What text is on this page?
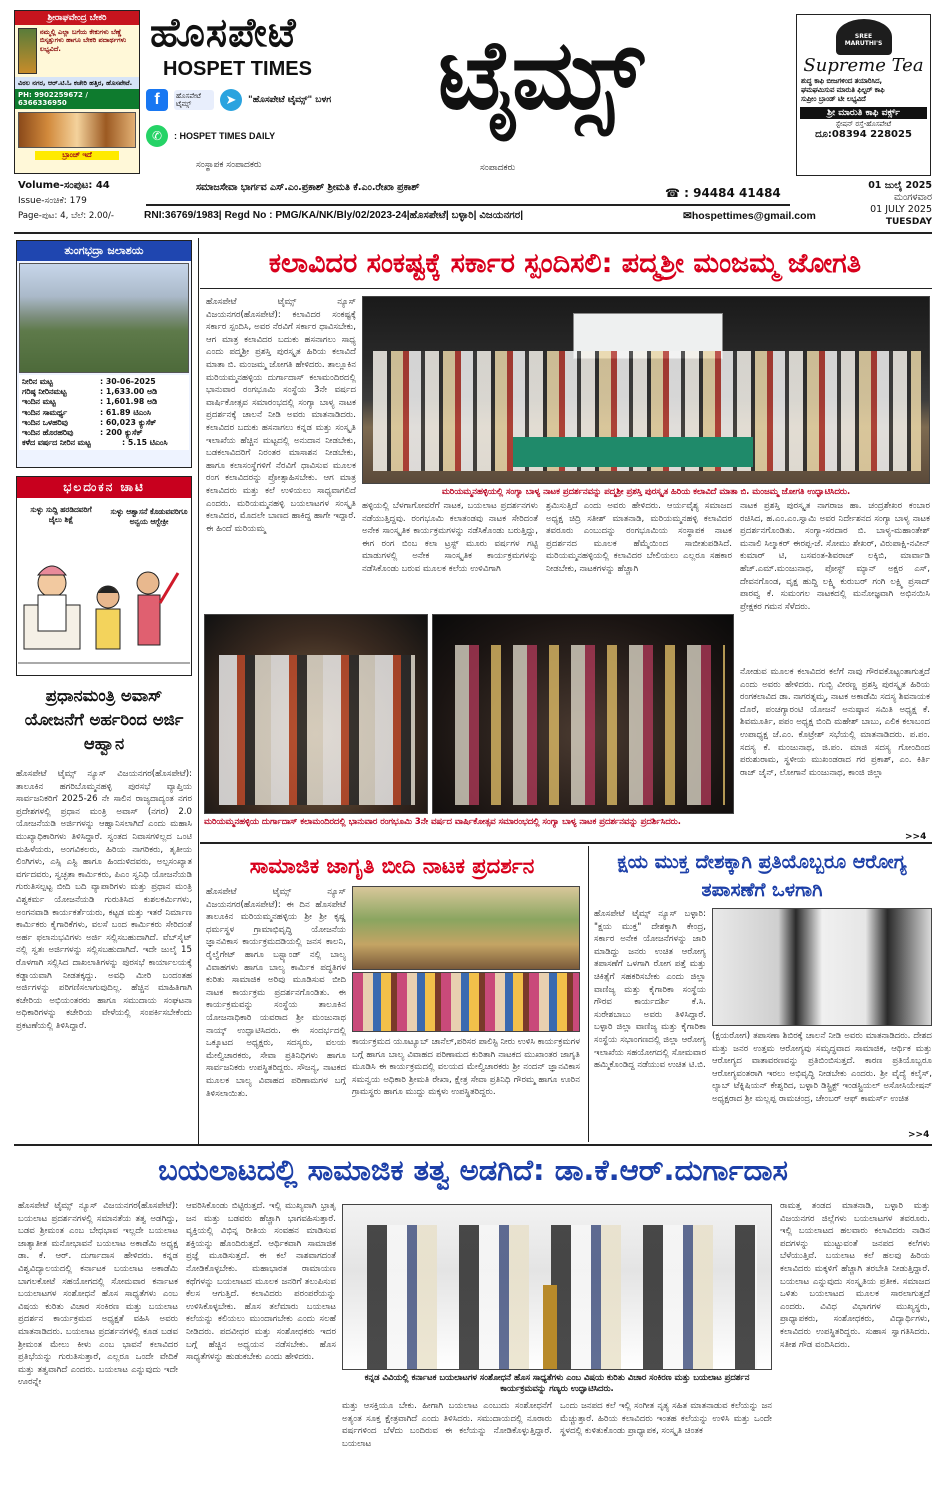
ಶ್ರೀರಾಘವೇಂದ್ರ ಬೇಕರಿ
ನಮ್ಮಲ್ಲಿ ಎಲ್ಲಾ ಬಗೆಯ ಕೇಕುಗಳು ಬೆಣ್ಣೆ ಬಿಸ್ಕತ್ತುಗಳು ಹಾಗೂ ಬೇಕರಿ ಪದಾರ್ಥಗಳು ಲಭ್ಯವಿದೆ.
ವಿಠಲ ನಗರ, ಆರ್.ಟಿ.ಓ ಕಚೇರಿ ಹತ್ತಿರ, ಹೊಸಪೇಟೆ.
PH: 9902259672 / 6366336950
ಬ್ರಾಂಚ್ ಇದೆ
ಹೊಸಪೇಟೆ
HOSPET TIMES ಟೈಮ್ಸ್
f	ಹೊಸಪೇಟೆ ಟೈಮ್ಸ್	➤	"ಹೊಸಪೇಟೆ ಟೈಮ್ಸ್" ಬಳಗ
✆	: HOSPET TIMES DAILY
ಸಂಸ್ಥಾಪಕ ಸಂಪಾದಕರು	ಸಂಪಾದಕರು
SREE MARUTHI'S
Supreme Tea
ಶುದ್ಧ ಕಾಫಿ ಬೀಜಗಳಿಂದ ತಯಾರಿಸಿದ,
ಘಮಘಮಿಸುವ ಮಾರುತಿ ಫಿಲ್ಟರ್ ಕಾಫಿ
ಸುಪ್ರೀಂ ಬ್ರಾಂಡ್ ಟೀ ಲಭ್ಯವಿದೆ
ಶ್ರೀ ಮಾರುತಿ ಕಾಫಿ ವರ್ಕ್ಸ್
ಸ್ಟೇಷನ್ ರಸ್ತೆ-ಹೊಸಪೇಟೆ
ದೂ:08394 228025
Volume-ಸಂಪುಟ: 44
Issue-ಸಂಚಿಕೆ: 179
Page-ಪುಟ: 4, ಬೆಲೆ: 2.00/-
ಸಮಾಜಸೇವಾ ಭಾರ್ಗವ ಎಸ್.ಎಂ.ಪ್ರಕಾಶ್ ಶ್ರೀಮತಿ ಕೆ.ಎಂ.ರೇಖಾ ಪ್ರಕಾಶ್	☎ : 94484 41484
RNI:36769/1983| Regd No : PMG/KA/NK/Bly/02/2023-24|ಹೊಸಪೇಟೆ| ಬಳ್ಳಾರಿ| ವಿಜಯನಗರ|	✉hospettimes@gmail.com
01 ಜುಲೈ 2025
ಮಂಗಳವಾರ
01 JULY 2025
TUESDAY
ತುಂಗಭದ್ರಾ ಜಲಾಶಯ
ನೀರಿನ ಮಟ್ಟ	: 30-06-2025
ಗರಿಷ್ಠ ನೀರಿನಮಟ್ಟ	: 1,633.00 ಅಡಿ
ಇಂದಿನ ಮಟ್ಟ	: 1,601.98 ಅಡಿ
ಇಂದಿನ ಸಾಮರ್ಥ್ಯ	: 61.89 ಟಿಎಂಸಿ
ಇಂದಿನ ಒಳಹರಿವು	: 60,023 ಕ್ಯುಸೆಕ್
ಇಂದಿನ ಹೊರಹರಿವು	: 200 ಕ್ಯುಸೆಕ್
ಕಳೆದ ವರ್ಷದ ನೀರಿನ ಮಟ್ಟ	: 5.15 ಟಿಎಂಸಿ
ಭಲದಂಕನ ಚಾಟಿ
ಸುಳ್ಳು ಸುದ್ದಿ ಹರಡಿದವರಿಗೆ ಜೈಲು ಶಿಕ್ಷೆ
ಸುಳ್ಳು ಆಶ್ವಾಸನೆ ಕೊಡುವವರಿಗೂ ಅನ್ವಯ ಆಗ್ಬೇಕ್ರೀ
ಪ್ರಧಾನಮಂತ್ರಿ ಅವಾಸ್ ಯೋಜನೆಗೆ ಅರ್ಹರಿಂದ ಅರ್ಜಿ ಆಹ್ವಾನ
ಹೊಸಪೇಟೆ ಟೈಮ್ಸ್ ನ್ಯೂಸ್ ವಿಜಯನಗರ(ಹೊಸಪೇಟೆ): ತಾಲೂಕಿನ ಹಗರಿಬೊಮ್ಮನಹಳ್ಳಿ ಪುರಸಭೆ ವ್ಯಾಪ್ತಿಯ ಸಾರ್ವಜನಿಕರಿಗೆ 2025-26 ನೇ ಸಾಲಿನ ರಾಜ್ಯದಾದ್ಯಂತ ನಗರ ಪ್ರದೇಶಗಳಲ್ಲಿ ಪ್ರಧಾನ ಮಂತ್ರಿ ಅವಾಸ್ (ನಗರ) 2.0 ಯೋಜನೆಯಡಿ ಅರ್ಜಿಗಳನ್ನು ಆಹ್ವಾನಿಸಲಾಗಿದೆ ಎಂದು ಮಹಾಸಿ ಮುಖ್ಯಾಧಿಕಾರಿಗಳು ತಿಳಿಸಿದ್ದಾರೆ. ಸ್ವಂತದ ನಿವಾಸಗಳಿಲ್ಲದ ಒಂಟಿ ಮಹಿಳೆಯರು, ಅಂಗವಿಕಲರು, ಹಿರಿಯ ನಾಗರಿಕರು, ತೃತೀಯ ಲಿಂಗಿಗಳು, ಎಸ್ಸಿ ಎಸ್ಟಿ ಹಾಗೂ ಹಿಂದುಳಿದವರು, ಅಲ್ಪಸಂಖ್ಯಾತ ವರ್ಗದವರು, ಸ್ವಚ್ಛತಾ ಕಾರ್ಮಿಕರು, ಪಿಎಂ ಸ್ವನಿಧಿ ಯೋಜನೆಯಡಿ ಗುರುತಿಸಲ್ಪಟ್ಟ ಬೀದಿ ಬದಿ ವ್ಯಾಪಾರಿಗಳು ಮತ್ತು ಪ್ರಧಾನ ಮಂತ್ರಿ ವಿಶ್ವಕರ್ಮ ಯೋಜನೆಯಡಿ ಗುರುತಿಸಿದ ಕುಶಲಕರ್ಮಿಗಳು, ಅಂಗನವಾಡಿ ಕಾರ್ಯಕರ್ತೆಯರು, ಕಟ್ಟಡ ಮತ್ತು ಇತರೆ ನಿರ್ಮಾಣ ಕಾರ್ಮಿಕರು ಕೈಗಾರಿಕೆಗಳು, ವಲಸೆ ಬಂದ ಕಾರ್ಮಿಕರು ಸೇರಿದಂತೆ ಅರ್ಹ ಫಲಾನುಭವಿಗಳು ಅರ್ಜಿ ಸಲ್ಲಿಸಬಹುದಾಗಿದೆ. ವೆಬ್‌ಸೈಟ್ ನಲ್ಲಿ ಸ್ವತಃ ಅರ್ಜಿಗಳನ್ನು ಸಲ್ಲಿಸಬಹುದಾಗಿದೆ. ಇದೇ ಜುಲೈ 15 ರೊಳಗಾಗಿ ಸಲ್ಲಿಸಿದ ದಾಖಲಾತಿಗಳನ್ನು ಪುರಸಭೆ ಕಾರ್ಯಾಲಯಕ್ಕೆ ಕಡ್ಡಾಯವಾಗಿ ನೀಡತಕ್ಕದ್ದು. ಅವಧಿ ಮೀರಿ ಬಂದಂತಹ ಅರ್ಜಿಗಳನ್ನು ಪರಿಗಣಿಸಲಾಗುವುದಿಲ್ಲ. ಹೆಚ್ಚಿನ ಮಾಹಿತಿಗಾಗಿ ಕಚೇರಿಯ ಅಭಿಯಂತರರು ಹಾಗೂ ಸಮುದಾಯ ಸಂಘಟನಾ ಅಧಿಕಾರಿಗಳನ್ನು ಕಚೇರಿಯ ವೇಳೆಯಲ್ಲಿ ಸಂಪರ್ಕಿಸಬೇಕೆಂದು ಪ್ರಕಟಣೆಯಲ್ಲಿ ತಿಳಿಸಿದ್ದಾರೆ.
ಕಲಾವಿದರ ಸಂಕಷ್ಟಕ್ಕೆ ಸರ್ಕಾರ ಸ್ಪಂದಿಸಲಿ: ಪದ್ಮಶ್ರೀ ಮಂಜಮ್ಮ ಜೋಗತಿ
ಹೊಸಪೇಟೆ ಟೈಮ್ಸ್ ನ್ಯೂಸ್ ವಿಜಯನಗರ(ಹೊಸಪೇಟೆ): ಕಲಾವಿದರ ಸಂಕಷ್ಟಕ್ಕೆ ಸರ್ಕಾರ ಸ್ಪಂದಿಸಿ, ಅವರ ನೆರವಿಗೆ ಸರ್ಕಾರ ಧಾವಿಸಬೇಕು, ಆಗ ಮಾತ್ರ ಕಲಾವಿದರ ಬದುಕು ಹಸನಾಗಲು ಸಾಧ್ಯ ಎಂದು ಪದ್ಮಶ್ರೀ ಪ್ರಶಸ್ತಿ ಪುರಸ್ಕೃತ ಹಿರಿಯ ಕಲಾವಿದೆ ಮಾತಾ ಬಿ. ಮಂಜಮ್ಮ ಜೋಗತಿ ಹೇಳಿದರು. ತಾಲ್ಲೂಕಿನ ಮರಿಯಮ್ಮನಹಳ್ಳಿಯ ದುರ್ಗಾದಾಸ್ ಕಲಾಮಂದಿರದಲ್ಲಿ ಭಾನುವಾರ ರಂಗಭೂಮಿ ಸಂಸ್ಥೆಯ 3ನೇ ವರ್ಷದ ವಾರ್ಷಿಕೋತ್ಸವ ಸಮಾರಂಭದಲ್ಲಿ ಸಂಗ್ಯಾ ಬಾಳ್ಯ ನಾಟಕ ಪ್ರದರ್ಶನಕ್ಕೆ ಚಾಲನೆ ನೀಡಿ ಅವರು ಮಾತನಾಡಿದರು. ಕಲಾವಿದರ ಬದುಕು ಹಸನಾಗಲು ಕನ್ನಡ ಮತ್ತು ಸಂಸ್ಕೃತಿ ಇಲಾಖೆಯ ಹೆಚ್ಚಿನ ಮಟ್ಟದಲ್ಲಿ ಅನುದಾನ ನೀಡಬೇಕು, ಬಡಕಲಾವಿದರಿಗೆ ನಿರಂತರ ಮಾಸಾಶನ ನೀಡಬೇಕು, ಹಾಗೂ ಕಲಾಸಂಸ್ಥೆಗಳಿಗೆ ನೆರವಿಗೆ ಧಾವಿಸುವ ಮೂಲಕ ರಂಗ ಕಲಾವಿದರನ್ನು ಪ್ರೋತ್ಸಾಹಿಸಬೇಕು. ಆಗ ಮಾತ್ರ ಕಲಾವಿದರು ಮತ್ತು ಕಲೆ ಉಳಿಯಲು ಸಾಧ್ಯವಾಗಲಿದೆ ಎಂದರು. ಮರಿಯಮ್ಮನಹಳ್ಳಿ ಬಯಲಾಟಗಳ ಸಂಸ್ಕೃತಿ ಕಲಾವಿದರ, ಮೊದಲೇ ಬಾಣದ ಹಾಕಿದ್ದ ಹಾಗೇ ಇದ್ದಾರೆ. ಈ ಹಿಂದೆ ಮರಿಯಮ್ಮ
ಮರಿಯಮ್ಮನಹಳ್ಳಿಯಲ್ಲಿ ಸಂಗ್ಯಾ ಬಾಳ್ಯ ನಾಟಕ ಪ್ರದರ್ಶನವನ್ನು ಪದ್ಮಶ್ರೀ ಪ್ರಶಸ್ತಿ ಪುರಸ್ಕೃತ ಹಿರಿಯ ಕಲಾವಿದೆ ಮಾತಾ ಬಿ. ಮಂಜಮ್ಮ ಜೋಗತಿ ಉದ್ಘಾಟಿಸಿದರು.
ಹಳ್ಳಿಯಲ್ಲಿ ಬೆಳಗಾಗೋವರೆಗೆ ನಾಟಕ, ಬಯಲಾಟ ಪ್ರದರ್ಶನಗಳು ನಡೆಯುತ್ತಿದ್ದವು. ರಂಗಭೂಮಿ ಕಲಾತಂಡವು ನಾಟಕ ಸೇರಿದಂತೆ ಅನೇಕ ಸಾಂಸ್ಕೃತಿಕ ಕಾರ್ಯಕ್ರಮಗಳನ್ನು ನಡೆಸಿಕೊಂಡು ಬರುತ್ತಿದ್ದು, ಈಗ ರಂಗ ಬಿಂಬ ಕಲಾ ಟ್ರಸ್ಟ್ ಮೂರು ವರ್ಷಗಳ ಗಟ್ಟಿ ಮಾಡುಗಳಲ್ಲಿ ಅನೇಕ ಸಾಂಸ್ಕೃತಿಕ ಕಾರ್ಯಕ್ರಮಗಳನ್ನು ನಡೆಸಿಕೊಂಡು ಬರುವ ಮೂಲಕ ಕಲೆಯ ಉಳಿವಿಗಾಗಿ
ಶ್ರಮಿಸುತ್ತಿದೆ ಎಂದು ಅವರು ಹೇಳಿದರು. ಆರ್ಯವೈಶ್ಯ ಸಮಾಜದ ಅಧ್ಯಕ್ಷ ಚಿದ್ರಿ ಸತೀಶ್ ಮಾತನಾಡಿ, ಮರಿಯಮ್ಮನಹಳ್ಳಿ ಕಲಾವಿದರ ತವರೂರು ಎಂಬುದನ್ನು ರಂಗಭೂಮಿಯ ಸಂಸ್ಥಾಪಕ ನಾಟಕ ಪ್ರದರ್ಶನದ ಮೂಲಕ ಹೆಮ್ಮೆಯಿಂದ ಸಾಬೀತುಪಡಿಸಿದೆ. ಮರಿಯಮ್ಮನಹಳ್ಳಿಯಲ್ಲಿ ಕಲಾವಿದರ ಬೇಲಿಯಲು ಎಲ್ಲರೂ ಸಹಕಾರ ನೀಡಬೇಕು, ನಾಟಕಗಳನ್ನು ಹೆಚ್ಚಾಗಿ
ನಾಟಕ ಪ್ರಶಸ್ತಿ ಪುರಸ್ಕೃತ ನಾಗರಾಜ ಹಾ. ಚಂದ್ರಶೇಖರ ಕಂಬಾರ ರಚಿಸಿದ, ಹ.ಎಂ.ಎಂ.ಸ್ವಾಮಿ ಅವರ ನಿರ್ದೇಶನದ ಸಂಗ್ಯಾ ಬಾಳ್ಯ ನಾಟಕ ಪ್ರದರ್ಶನಗೊಂಡಿತು. ಸಂಗ್ಯಾ-ಸರದಾರ ಬಿ. ಬಾಳ್ಯ-ಮಹಾಂತೇಶ್ ಮನಾಲಿ ಸಿಲ್ಮಾಕರ್ ಈರಪ್ಪ-ಜೆ. ಸೋಮು ಶೇಖರ್, ವಿರುಪಾಕ್ಷಿ-ನವೀನ್ ಕುಮಾರ್ ಟಿ, ಬಸವಂತ-ಶಿವರಾಜ್ ಲಕ್ಕಿಬಿ, ಮಾರ್ವಾಡಿ ಹೆಚ್.ಎಮ್.ಮಂಜುನಾಥ, ಪೋಸ್ಟ್ ಮ್ಯಾನ್ ಅಕ್ಷರ ಎಸ್, ದೇವನಗೊಂಡ, ವೃಕ್ಷ ಹುದ್ದಿ ಲಕ್ಷ್ಮಿ ಕುರುಬರ್ ಗಂಗಿ ಲಕ್ಷ್ಮಿ ಪ್ರಸಾದ್ ಪಾರವ್ವ ಕೆ. ಸುಮಂಗಲ ನಾಟಕದಲ್ಲಿ ಮನೋಜ್ಞವಾಗಿ ಅಭಿನಯಿಸಿ ಪ್ರೇಕ್ಷಕರ ಗಮನ ಸೆಳೆದರು.
ಮರಿಯಮ್ಮನಹಳ್ಳಿಯ ದುರ್ಗಾದಾಸ್ ಕಲಾಮಂದಿರದಲ್ಲಿ ಭಾನುವಾರ ರಂಗಭೂಮಿ 3ನೇ ವರ್ಷದ ವಾರ್ಷಿಕೋತ್ಸವ ಸಮಾರಂಭದಲ್ಲಿ ಸಂಗ್ಯಾ ಬಾಳ್ಯ ನಾಟಕ ಪ್ರದರ್ಶನವನ್ನು ಪ್ರದರ್ಶಿಸಿದರು.
ನೋಡುವ ಮೂಲಕ ಕಲಾವಿದರ ಕಲೆಗೆ ನಾವು ಗೌರವಕೊಟ್ಟಂತಾಗುತ್ತದೆ ಎಂದು ಅವರು ಹೇಳಿದರು. ಗುಬ್ಬಿ ವೀರಣ್ಣ ಪ್ರಶಸ್ತಿ ಪುರಸ್ಕೃತ ಹಿರಿಯ ರಂಗಕಲಾವಿದ ಡಾ. ನಾಗರತ್ನಮ್ಮ, ನಾಟಕ ಅಕಾಡೆಮಿ ಸದಸ್ಯ ಶಿವನಾಯಕ ದೊರೆ, ಪಂಚಗ್ಯಾರಂಟಿ ಯೋಜನೆ ಅನುಷ್ಠಾನ ಸಮಿತಿ ಅಧ್ಯಕ್ಷ ಕೆ. ಶಿವಮೂರ್ತಿ, ಪಪಂ ಅಧ್ಯಕ್ಷ ಬಿಂದಿ ಮಹೇಶ್ ಬಾಬು, ಎಲಿಕ ಕಲಾಬಂದ ಉಪಾಧ್ಯಕ್ಷ ಜೆ.ಎಂ. ಕೊಟ್ರೇಶ್ ಸಭೆಯಲ್ಲಿ ಮಾತನಾಡಿದರು. ಪ.ಪಂ. ಸದಸ್ಯ ಕೆ. ಮಂಜುನಾಥ, ಜಿ.ಪಂ. ಮಾಜಿ ಸದಸ್ಯ ಗೋಂದಿಂದ ಪರುಶುರಾಮ, ಸ್ಥಳೀಯ ಮುಖಂಡರಾದ ಗರ ಪ್ರಕಾಶ್, ಎಂ. ಕಿರ್ತಿ ರಾಜ್ ಜೈನ್, ಲೋಗಾನೆ ಮಂಜುನಾಥ, ಕಾಂಜಿ ಜಿಲ್ಲಾ
>>4
ಸಾಮಾಜಿಕ ಜಾಗೃತಿ ಬೀದಿ ನಾಟಕ ಪ್ರದರ್ಶನ
ಹೊಸಪೇಟೆ ಟೈಮ್ಸ್ ನ್ಯೂಸ್ ವಿಜಯನಗರ(ಹೊಸಪೇಟೆ): ಈ ದಿನ ಹೊಸಪೇಟೆ ತಾಲೂಕಿನ ಮರಿಯಮ್ಮನಹಳ್ಳಿಯ ಶ್ರೀ ಶ್ರೀ ಕೃಷ್ಣ ಧರ್ಮಸ್ಥಳ ಗ್ರಾಮಾಭಿವೃದ್ಧಿ ಯೋಜನೆಯ ಜ್ಞಾನವಿಕಾಸ ಕಾರ್ಯಕ್ರಮದಡಿಯಲ್ಲಿ ಜನಸ ಕಾಲನಿ, ರೈಲ್ವೆಗೇಟ್ ಹಾಗೂ ಬಸ್ಟ್ಯಾಂಡ್ ನಲ್ಲಿ ಬಾಲ್ಯ ವಿವಾಹಗಳು ಹಾಗೂ ಬಾಲ್ಯ ಕಾರ್ಮಿಕ ಪದ್ಧತಿಗಳ ಕುರಿತು ಸಾಮಾಜಿಕ ಅರಿವು ಮೂಡಿಸುವ ಬೀದಿ ನಾಟಕ ಕಾರ್ಯಕ್ರಮ ಪ್ರದರ್ಶನಗೊಂಡಿತು. ಈ ಕಾರ್ಯಕ್ರಮವನ್ನು ಸಂಸ್ಥೆಯ ತಾಲೂಕಿನ ಯೋಜನಾಧಿಕಾರಿ ಯವರಾದ ಶ್ರೀ ಮಂಜುನಾಥ ನಾಯ್ಕ್ ಉದ್ಘಾಟಿಸಿದರು. ಈ ಸಂದರ್ಭದಲ್ಲಿ ಒಕ್ಕೂಟದ ಅಧ್ಯಕ್ಷರು, ಸದಸ್ಯರು, ವಲಯ ಮೇಲ್ವಿಚಾರಕರು, ಸೇವಾ ಪ್ರತಿನಿಧಿಗಳು ಹಾಗೂ ಸಾರ್ವಜನಿಕರು ಉಪಸ್ಥಿತರಿದ್ದರು. ಸೌಜನ್ಯ, ನಾಟಕದ ಮೂಲಕ ಬಾಲ್ಯ ವಿವಾಹದ ಪರಿಣಾಮಗಳ ಬಗ್ಗೆ ತಿಳಿಸಲಾಯಿತು.
ಕಾರ್ಯಕ್ರಮದ ಯೂಟ್ಯೂಬ್ ಚಾನೆಲ್,ಪರಿಸರ ಪಾಲಿಸ್ಟಿ ನೀರು ಉಳಿಸಿ ಕಾರ್ಯಕ್ರಮಗಳ ಬಗ್ಗೆ ಹಾಗೂ ಬಾಲ್ಯ ವಿವಾಹದ ಪರಿಣಾಮದ ಕುರಿತಾಗಿ ನಾಟಕದ ಮುಖಾಂತರ ಜಾಗೃತಿ ಮೂಡಿಸಿ ಈ ಕಾರ್ಯಕ್ರಮದಲ್ಲಿ ವಲಯದ ಮೇಲ್ವಿಚಾರಕರು ಶ್ರೀ ನಂದನ್ ಜ್ಞಾನವಿಕಾಸ ಸಮನ್ವಯ ಅಧಿಕಾರಿ ಶ್ರೀಮತಿ ರೇಖಾ, ಕ್ಷೇತ್ರ ಸೇವಾ ಪ್ರತಿನಿಧಿ ಗೌರಮ್ಮ ಹಾಗೂ ಊರಿನ ಗ್ರಾಮಸ್ಥರು ಹಾಗೂ ಮುದ್ದು ಮಕ್ಕಳು ಉಪಸ್ಥಿತರಿದ್ದರು.
ಕ್ಷಯ ಮುಕ್ತ ದೇಶಕ್ಕಾಗಿ ಪ್ರತಿಯೊಬ್ಬರೂ ಆರೋಗ್ಯ ತಪಾಸಣೆಗೆ ಒಳಗಾಗಿ
ಹೊಸಪೇಟೆ ಟೈಮ್ಸ್ ನ್ಯೂಸ್ ಬಳ್ಳಾರಿ: "ಕ್ಷಯ ಮುಕ್ತ" ದೇಶಕ್ಕಾಗಿ ಕೇಂದ್ರ, ಸರ್ಕಾರ ಅನೇಕ ಯೋಜನೆಗಳನ್ನು ಜಾರಿ ಮಾಡಿದ್ದು ಜನರು ಉಚಿತ ಆರೋಗ್ಯ ತಪಾಸಣೆಗೆ ಒಳಗಾಗಿ ರೋಗ ಪತ್ತೆ ಮತ್ತು ಚಿಕಿತ್ಸೆಗೆ ಸಹಕರಿಸಬೇಕು ಎಂದು ಜಿಲ್ಲಾ ವಾಣಿಜ್ಯ ಮತ್ತು ಕೈಗಾರಿಕಾ ಸಂಸ್ಥೆಯ ಗೌರವ ಕಾರ್ಯದರ್ಶಿ ಕೆ.ಸಿ. ಸುರೇಶಬಾಬು ಅವರು ತಿಳಿಸಿದ್ದಾರೆ. ಬಳ್ಳಾರಿ ಜಿಲ್ಲಾ ವಾಣಿಜ್ಯ ಮತ್ತು ಕೈಗಾರಿಕಾ ಸಂಸ್ಥೆಯ ಸಭಾಂಗಣದಲ್ಲಿ ಜಿಲ್ಲಾ ಆರೋಗ್ಯ ಇಲಾಖೆಯ ಸಹಯೋಗದಲ್ಲಿ ಸೋಮವಾರ ಹಮ್ಮಿಕೊಂಡಿದ್ದ ನಡೆಯುವ ಉಚಿತ ಟಿ.ಬಿ.
(ಕ್ಷಯರೋಗ) ತಪಾಸಣಾ ಶಿಬಿರಕ್ಕೆ ಚಾಲನೆ ನೀಡಿ ಅವರು ಮಾತನಾಡಿದರು. ದೇಶದ ಮತ್ತು ಜನರ ಉತ್ತಮ ಆರೋಗ್ಯವು ಸಮೃದ್ಧವಾದ ಸಾಮಾಜಿಕ, ಆರ್ಥಿಕ ಮತ್ತು ಆರೋಗ್ಯದ ವಾತಾವರಣವನ್ನು ಪ್ರತಿಬಿಂಬಿಸುತ್ತದೆ. ಕಾರಣ ಪ್ರತಿಯೊಬ್ಬರೂ ಆರೋಗ್ಯವಂತರಾಗಿ ಇರಲು ಅಭಿವೃದ್ಧಿ ನೀಡಬೇಕು ಎಂದರು. ಶ್ರೀ ವೈದ್ಯೆ ಕಲೈಸ್, ಲ್ಯಾಬ್ ಟೆಕ್ನಿಷಿಯನ್ ಕೇಶ್ವರಿದ, ಬಳ್ಳಾರಿ ಡಿಸ್ಟ್ರಿಕ್ಟ್ ಇಂಡಸ್ಟ್ರಿಯಲ್ ಅಸೋಸಿಯೇಷನ್ ಅಧ್ಯಕ್ಷರಾದ ಶ್ರೀ ಮಲ್ಲಪ್ಪ ರಾಮಚಂದ್ರ, ಚೇಂಬರ್ ಆಫ್ ಕಾಮರ್ಸ್ ಉಚಿತ
>>4
ಬಯಲಾಟದಲ್ಲಿ ಸಾಮಾಜಿಕ ತತ್ವ ಅಡಗಿದೆ: ಡಾ.ಕೆ.ಆರ್.ದುರ್ಗಾದಾಸ
ಹೊಸಪೇಟೆ ಟೈಮ್ಸ್ ನ್ಯೂಸ್ ವಿಜಯನಗರ(ಹೊಸಪೇಟೆ): ಬಯಲಾಟ ಪ್ರದರ್ಶನಗಳಲ್ಲಿ ಸಮಾನತೆಯ ತತ್ವ ಅಡಗಿದ್ದು, ಬಡವ ಶ್ರೀಮಂತ ಎಂಬ ಬೇಧಭಾವ ಇಲ್ಲದೇ ಬಯಲಾಟ ಜಾತ್ಯಾತೀತ ಮನೋಭಾವನೆ ಬಯಲಾಟ ಅಕಾಡೆಮಿ ಅಧ್ಯಕ್ಷ ಡಾ. ಕೆ. ಆರ್. ದುರ್ಗಾದಾಸ ಹೇಳಿದರು. ಕನ್ನಡ ವಿಶ್ವವಿದ್ಯಾಲಯದಲ್ಲಿ ಕರ್ನಾಟಕ ಬಯಲಾಟ ಅಕಾಡೆಮಿ ಬಾಗಲಕೋಟೆ ಸಹಯೋಗದಲ್ಲಿ ಸೋಮವಾರ ಕರ್ನಾಟಕ ಬಯಲಾಟಗಳ ಸಂಶೋಧನೆ ಹೊಸ ಸಾಧ್ಯತೆಗಳು ಎಂಬ ವಿಷಯ ಕುರಿತು ವಿಚಾರ ಸಂಕಿರಣ ಮತ್ತು ಬಯಲಾಟ ಪ್ರದರ್ಶನ ಕಾರ್ಯಕ್ರಮದ ಅಧ್ಯಕ್ಷತೆ ವಹಿಸಿ ಅವರು ಮಾತನಾಡಿದರು. ಬಯಲಾಟ ಪ್ರದರ್ಶನಗಳಲ್ಲಿ ಕೂಡ ಬಡವ ಶ್ರೀಮಂತ ಮೇಲು ಕೀಳು ಎಂಬ ಭಾವನೆ ಕಲಾವಿದರ ಪ್ರತಿಭೆಯನ್ನು ಗುರುತಿಸುತ್ತಾರೆ, ಎಲ್ಲರೂ ಒಂದೇ ವೇದಿಕೆ ಮತ್ತು ತತ್ವವಾಗಿದೆ ಎಂದರು. ಬಯಲಾಟ ಎನ್ನುವುದು ಇದೇ ಊರನ್ನೇ
ಆವರಿಸಿಕೊಂಡು ಬಿಟ್ಟಿರುತ್ತದೆ. ಇಲ್ಲಿ ಮುಖ್ಯವಾಗಿ ಭ್ರಾತೃ ಜನ ಮತ್ತು ಬಡವರು ಹೆಚ್ಚಾಗಿ ಭಾಗವಹಿಸುತ್ತಾರೆ. ವ್ಯಕ್ತಿಯಲ್ಲಿ ವಿಭಿನ್ನ ರೀತಿಯ ಸಂವಹನ ಮಾಡಿಸುವ ಶಕ್ತಿಯನ್ನು ಹೊಂದಿರುತ್ತದೆ. ಆರ್ಥಿಕವಾಗಿ ಸಾಮಾಜಿಕ ಪ್ರಜ್ಞೆ ಮೂಡಿಸುತ್ತದೆ. ಈ ಕಲೆ ನಾಶವಾಗದಂತೆ ನೋಡಿಕೊಳ್ಳಬೇಕು. ಮಹಾಭಾರತ ರಾಮಾಯಣ ಕಥೆಗಳನ್ನು ಬಯಲಾಟದ ಮೂಲಕ ಜನರಿಗೆ ತಲುಪಿಸುವ ಕೆಲಸ ಆಗುತ್ತಿದೆ. ಕಲಾವಿದರು ಪರಂಪರೆಯನ್ನು ಉಳಿಸಿಕೊಳ್ಳಬೇಕು. ಹೊಸ ತಲೆಮಾರು ಬಯಲಾಟ ಕಲೆಯನ್ನು ಕಲಿಯಲು ಮುಂದಾಗಬೇಕು ಎಂದು ಸಲಹೆ ನೀಡಿದರು. ಪದವೀಧರ ಮತ್ತು ಸಂಶೋಧಕರು ಇದರ ಬಗ್ಗೆ ಹೆಚ್ಚಿನ ಅಧ್ಯಯನ ನಡೆಸಬೇಕು. ಹೊಸ ಸಾಧ್ಯತೆಗಳನ್ನು ಹುಡುಕಬೇಕು ಎಂದು ಹೇಳಿದರು.
ಕನ್ನಡ ವಿವಿಯಲ್ಲಿ ಕರ್ನಾಟಕ ಬಯಲಾಟಗಳ ಸಂಶೋಧನೆ ಹೊಸ ಸಾಧ್ಯತೆಗಳು ಎಂಬ ವಿಷಯ ಕುರಿತು ವಿಚಾರ ಸಂಕಿರಣ ಮತ್ತು ಬಯಲಾಟ ಪ್ರದರ್ಶನ ಕಾರ್ಯಕ್ರಮವನ್ನು ಗಣ್ಯರು ಉದ್ಘಾಟಿಸಿದರು.
ಮತ್ತು ಆಸಕ್ತಿಯೂ ಬೇಕು. ಹೀಗಾಗಿ ಬಯಲಾಟ ಎಂಬುದು ಸಂಶೋಧನೆಗೆ ಅತ್ಯಂತ ಸೂಕ್ತ ಕ್ಷೇತ್ರವಾಗಿದೆ ಎಂದು ತಿಳಿಸಿದರು. ಸಮುದಾಯದಲ್ಲಿ ನೂರಾರು ವರ್ಷಗಳಿಂದ ಬೆಳೆದು ಬಂದಿರುವ ಈ ಕಲೆಯನ್ನು ನೋಡಿಕೊಳ್ಳುತ್ತಿದ್ದಾರೆ. ಬಯಲಾಟ
ಒಂದು ಜನಪದ ಕಲೆ ಇಲ್ಲಿ ಸಂಗೀತ ನೃತ್ಯ ಸಹಿತ ಮಾತನಾಡುವ ಕಲೆಯನ್ನು ಜನ ಮೆಚ್ಚುತ್ತಾರೆ. ಹಿರಿಯ ಕಲಾವಿದರು ಇಂತಹ ಕಲೆಯನ್ನು ಉಳಿಸಿ ಮತ್ತು ಒಂದೇ ಸ್ಥಳದಲ್ಲಿ ಕುಳಿತುಕೊಂಡು ಪ್ರಾಧ್ಯಾಪಕ, ಸಂಸ್ಕೃತಿ ಚಿಂತಕ
ರಾಮತ್ತ ತಂಡದ ಮಾತನಾಡಿ, ಬಳ್ಳಾರಿ ಮತ್ತು ವಿಜಯನಗರ ಜಿಲ್ಲೆಗಳು ಬಯಲಾಟಗಳ ತವರೂರು. ಇಲ್ಲಿ ಬಯಲಾಟದ ಹಲವಾರು ಕಲಾವಿದರು ನಾಡಿನ ಪದಗಳನ್ನು ಮುಟ್ಟುವಂತೆ ಜನಪದ ಕಲೆಗಳು ಬೆಳೆಯುತ್ತಿವೆ. ಬಯಲಾಟ ಕಲೆ ಹಲವು ಹಿರಿಯ ಕಲಾವಿದರು ಮಕ್ಕಳಿಗೆ ಹೆಚ್ಚಾಗಿ ತರಬೇತಿ ನೀಡುತ್ತಿದ್ದಾರೆ. ಬಯಲಾಟ ಎನ್ನುವುದು ಸಂಸ್ಕೃತಿಯ ಪ್ರತೀಕ. ಸಮಾಜದ ಒಳಿತು ಬಯಲಾಟದ ಮೂಲಕ ಸಾರಲಾಗುತ್ತದೆ ಎಂದರು. ವಿವಿಧ ವಿಭಾಗಗಳ ಮುಖ್ಯಸ್ಥರು, ಪ್ರಾಧ್ಯಾಪಕರು, ಸಂಶೋಧಕರು, ವಿದ್ಯಾರ್ಥಿಗಳು, ಕಲಾವಿದರು ಉಪಸ್ಥಿತರಿದ್ದರು. ಸುಹಾಸ ಸ್ವಾಗತಿಸಿದರು. ಸತೀಶ ಗೌಡ ವಂದಿಸಿದರು.
